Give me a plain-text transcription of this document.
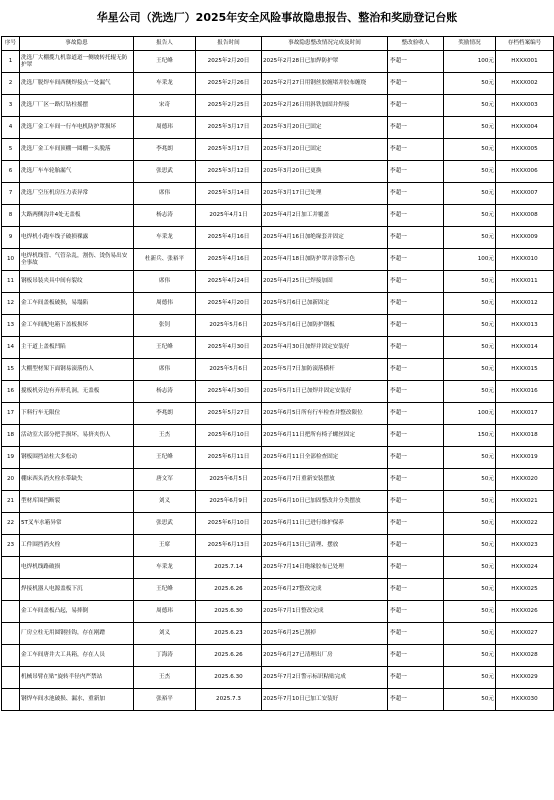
华星公司（洗选厂）2025年安全风险事故隐患报告、整治和奖励登记台账
序号	事故隐患	报告人	报告时间	事故隐患整改情况完成及时间	整改验收人	奖励情况	存档档案编号
1	洗选厂大棚揽九机靠道道一侧坡转托辊无防护罩	王纪峰	2025年2月20日	2025年2月28日已加焊防护罩	李超一	100元	HXXX001
2	洗选厂脱焊车间西侧焊接点一处漏气	车采龙	2025年2月26日	2025年2月27日用钢丝胶缠堵并胶布缠绕	李超一	50元	HXXX002
3	洗选厂厂区一路灯钻柱摇摆	宋奇	2025年2月25日	2025年2月26日用斜铁加固并焊接	李超一	50元	HXXX003
4	洗选厂金工车间一行车电机防护罩损坏	周德玮	2025年3月17日	2025年3月20日已固定	李超一	50元	HXXX004
5	洗选厂金工车间顶棚一圆棚一头脱落	李兆朗	2025年3月17日	2025年3月20日已固定	李超一	50元	HXXX005
6	洗选厂车车轮胎漏气	张思武	2025年3月12日	2025年3月20日已更换	李超一	50元	HXXX006
7	洗选厂空压机房压力表异常	席伟	2025年3月14日	2025年3月17日已处理	李超一	50元	HXXX007
8	大路两侧沟井4处无盖板	杨志涛	2025年4月1日	2025年4月2日加工并覆盖	李超一	50元	HXXX008
9	电焊机小跑车线子破损裸露	车采龙	2025年4月16日	2025年4月16日加绝缘套并固定	李超一	50元	HXXX009
10	电焊机线管、气管杂乱，割伤、烫伤易出安全事故	杜新兵、张裕平	2025年4月16日	2025年4月18日加防护罩并涂警示色	李超一	100元	HXXX010
11	钢板吊装夹具中间有裂纹	席伟	2025年4月24日	2025年4月25日已焊接加固	李超一	50元	HXXX011
12	金工车间盖板破损，易塌陷	周德伟	2025年4月20日	2025年5月6日已加新固定	李超一	50元	HXXX012
13	金工车间配电箱下盖板损坏	张钊	2025年5月6日	2025年5月6日已加防护钢板	李超一	50元	HXXX013
14	主干道上盖板凹陷	王纪峰	2025年4月30日	2025年4月30日加焊并固定安装好	李超一	50元	HXXX014
15	大棚型材架下面钢易滚落伤人	席伟	2025年5月6日	2025年5月7日加防滚落横杆	李超一	50元	HXXX015
16	搅板机旁边有弃形孔洞，无盖板	杨志涛	2025年4月30日	2025年5月1日已加焊并固定安装好	李超一	50元	HXXX016
17	下料行车无限位	李兆朗	2025年5月27日	2025年6月5日所有行车检查并整改限位	李超一	100元	HXXX017
18	活动室大部分把手损坏，易挤夹伤人	王杰	2025年6月10日	2025年6月11日把所有椅子螺丝固定	李超一	150元	HXXX018
19	钢板围挡站柱大多松动	王纪峰	2025年6月11日	2025年6月11日全部检查固定	李超一	50元	HXXX019
20	棚床西头消火栓水带缺失	唐文军	2025年6月5日	2025年6月7日重新安装摆放	李超一	50元	HXXX020
21	型材库围挡断裂	刘义	2025年6月9日	2025年6月10日已加固整改并分类摆放	李超一	50元	HXXX021
22	5T叉车水箱异常	张思武	2025年6月10日	2025年6月11日已进行维护保养	李超一	50元	HXXX022
23	工件围挡消火栓	王席	2025年6月13日	2025年6月13日已清理、摆放	李超一	50元	HXXX023
	电焊机线路破损	车采龙	2025.7.14	2025年7月14日绝缘胶布已处理	李超一	50元	HXXX024
	焊接机器人电源盖板下沉	王纪峰	2025.6.26	2025年6月27整改完成	李超一	50元	HXXX025
	金工车间盖板凸起，易摔倒	周德玮	2025.6.30	2025年7月1日整改完成	李超一	50元	HXXX026
	厂房立柱无用圆钢挂钩，存在剐蹭	刘义	2025.6.23	2025年6月25已割掉	李超一	50元	HXXX027
	金工车间唐井大工具箱，存在人员	丁海涛	2025.6.26	2025年6月27已清理出厂房	李超一	50元	HXXX028
	机械吊臂在贴“旋转半径内严禁站	王杰	2025.6.30	2025年7月2日警示标识粘贴完成	李超一	50元	HXXX029
	钢焊车间水池破损、漏水，重新加	张裕平	2025.7.3	2025年7月10日已加工安装好	李超一	50元	HXXX030
